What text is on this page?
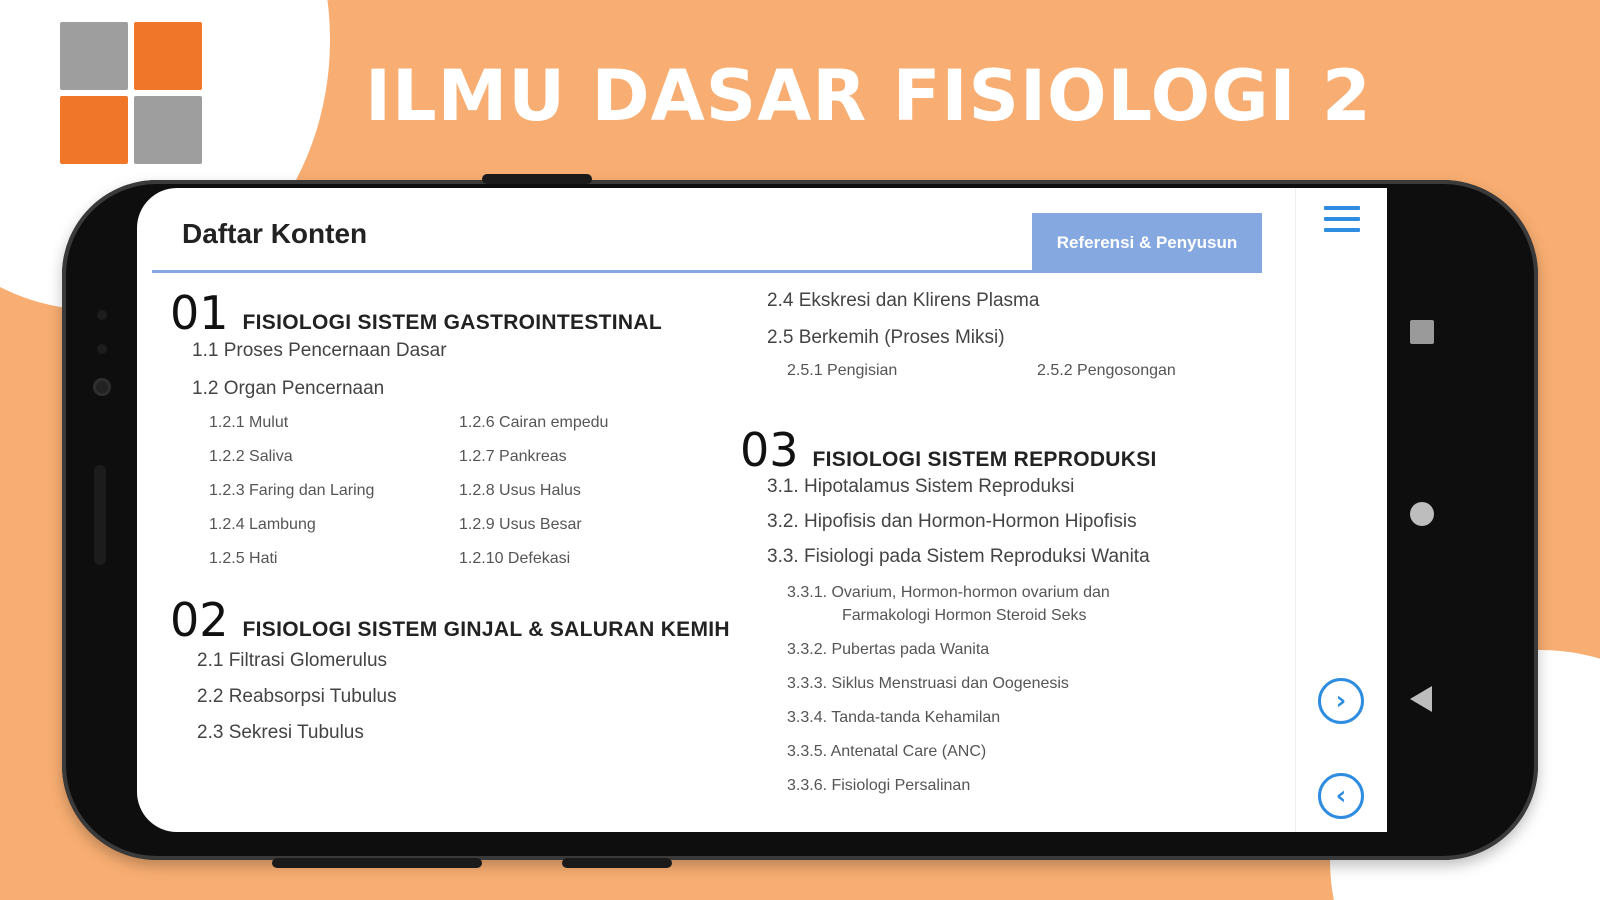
ILMU DASAR FISIOLOGI 2
Daftar Konten	Referensi & Penyusun
01 FISIOLOGI SISTEM GASTROINTESTINAL
1.1 Proses Pencernaan Dasar
1.2 Organ Pencernaan
1.2.1 Mulut
1.2.2 Saliva
1.2.3 Faring dan Laring
1.2.4 Lambung
1.2.5 Hati
1.2.6 Cairan empedu
1.2.7 Pankreas
1.2.8 Usus Halus
1.2.9 Usus Besar
1.2.10 Defekasi
02 FISIOLOGI SISTEM GINJAL & SALURAN KEMIH
2.1 Filtrasi Glomerulus
2.2 Reabsorpsi Tubulus
2.3 Sekresi Tubulus
2.4 Ekskresi dan Klirens Plasma
2.5 Berkemih (Proses Miksi)
2.5.1 Pengisian	2.5.2 Pengosongan
03 FISIOLOGI SISTEM REPRODUKSI
3.1. Hipotalamus Sistem Reproduksi
3.2. Hipofisis dan Hormon-Hormon Hipofisis
3.3. Fisiologi pada Sistem Reproduksi Wanita
3.3.1. Ovarium, Hormon-hormon ovarium dan
Farmakologi Hormon Steroid Seks
3.3.2. Pubertas pada Wanita
3.3.3. Siklus Menstruasi dan Oogenesis
3.3.4. Tanda-tanda Kehamilan
3.3.5. Antenatal Care (ANC)
3.3.6. Fisiologi Persalinan
›
‹
